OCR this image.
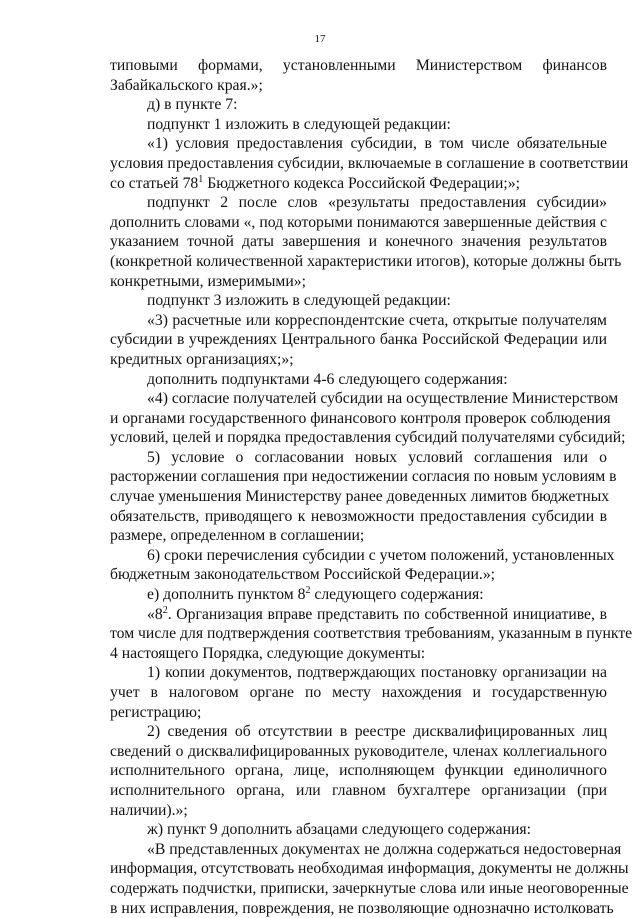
17
типовыми формами, установленными Министерством финансов
Забайкальского края.»;
д) в пункте 7:
подпункт 1 изложить в следующей редакции:
«1) условия предоставления субсидии, в том числе обязательные
условия предоставления субсидии, включаемые в соглашение в соответствии
со статьей $78^1$ Бюджетного кодекса Российской Федерации;»;
подпункт 2 после слов «результаты предоставления субсидии»
дополнить словами «, под которыми понимаются завершенные действия с
указанием точной даты завершения и конечного значения результатов
(конкретной количественной характеристики итогов), которые должны быть
конкретными, измеримыми»;
подпункт 3 изложить в следующей редакции:
«3) расчетные или корреспондентские счета, открытые получателям
субсидии в учреждениях Центрального банка Российской Федерации или
кредитных организациях;»;
дополнить подпунктами 4-6 следующего содержания:
«4) согласие получателей субсидии на осуществление Министерством
и органами государственного финансового контроля проверок соблюдения
условий, целей и порядка предоставления субсидий получателями субсидий;
5) условие о согласовании новых условий соглашения или о
расторжении соглашения при недостижении согласия по новым условиям в
случае уменьшения Министерству ранее доведенных лимитов бюджетных
обязательств, приводящего к невозможности предоставления субсидии в
размере, определенном в соглашении;
6) сроки перечисления субсидии с учетом положений, установленных
бюджетным законодательством Российской Федерации.»;
е) дополнить пунктом $8^2$ следующего содержания:
«$8^2$. Организация вправе представить по собственной инициативе, в
том числе для подтверждения соответствия требованиям, указанным в пункте
4 настоящего Порядка, следующие документы:
1) копии документов, подтверждающих постановку организации на
учет в налоговом органе по месту нахождения и государственную
регистрацию;
2) сведения об отсутствии в реестре дисквалифицированных лиц
сведений о дисквалифицированных руководителе, членах коллегиального
исполнительного органа, лице, исполняющем функции единоличного
исполнительного органа, или главном бухгалтере организации (при
наличии).»;
ж) пункт 9 дополнить абзацами следующего содержания:
«В представленных документах не должна содержаться недостоверная
информация, отсутствовать необходимая информация, документы не должны
содержать подчистки, приписки, зачеркнутые слова или иные неоговоренные
в них исправления, повреждения, не позволяющие однозначно истолковать
